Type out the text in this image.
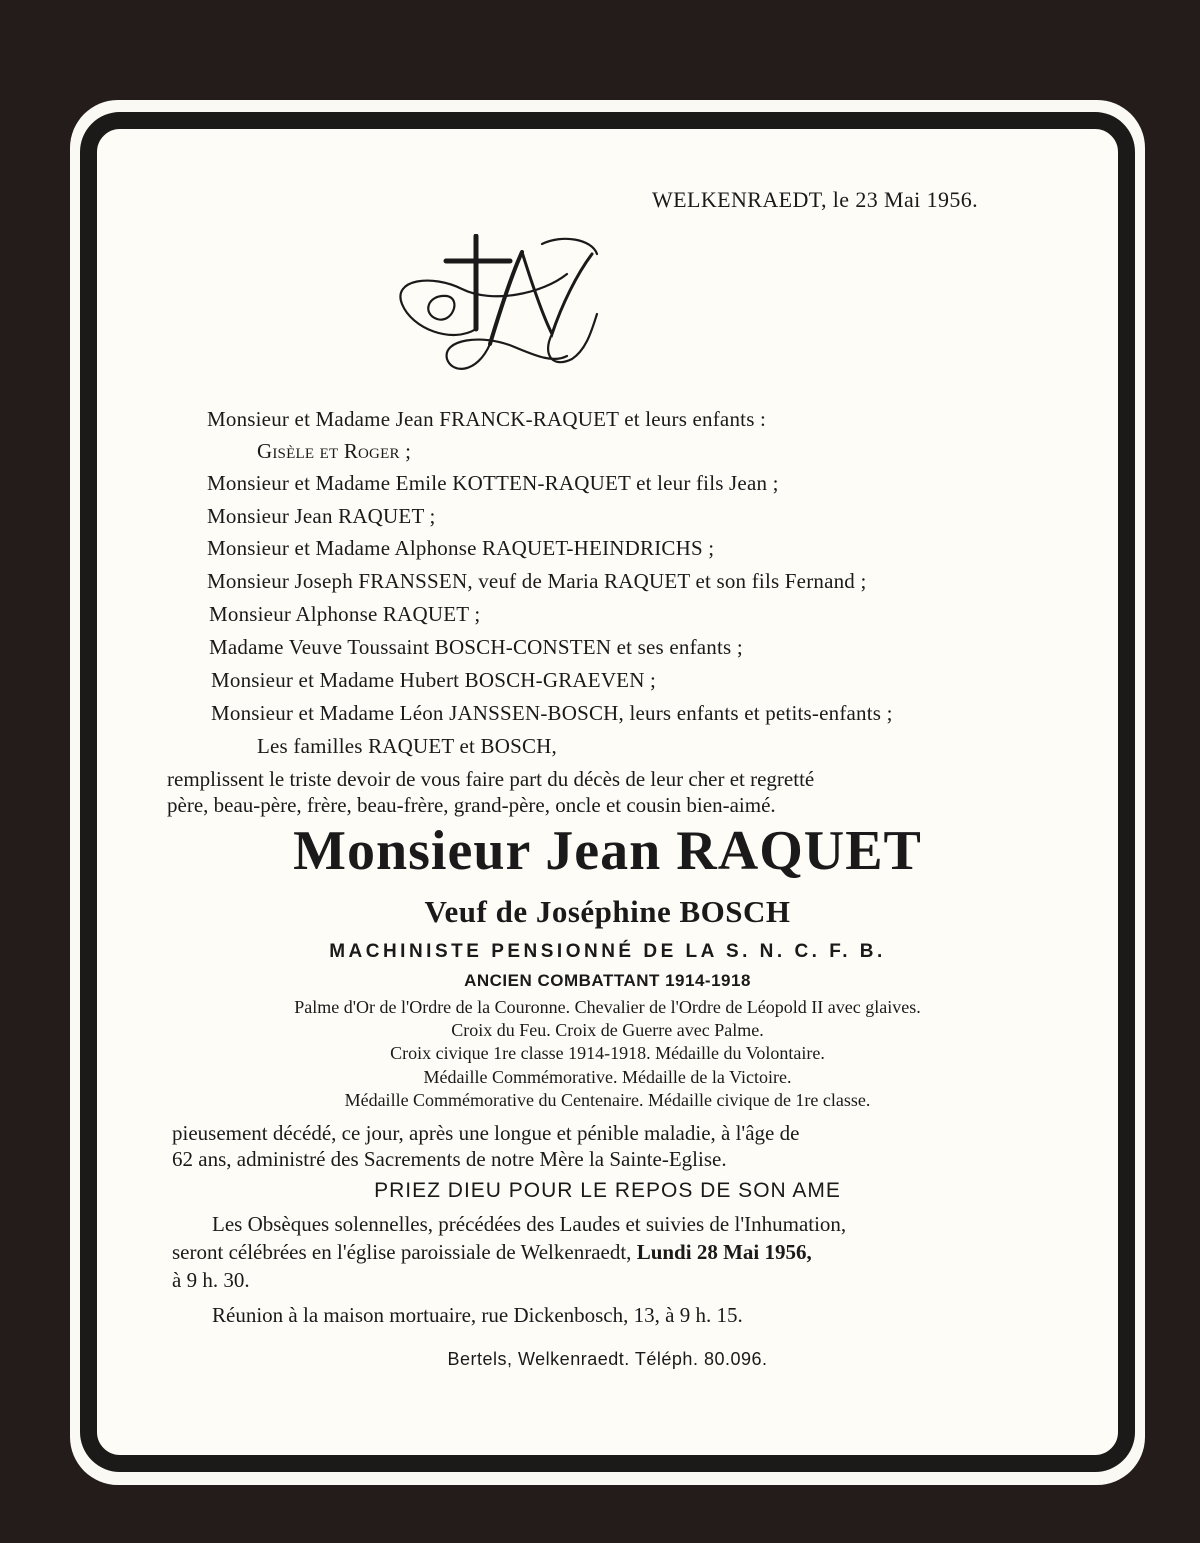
WELKENRAEDT, le 23 Mai 1956.
Monsieur et Madame Jean FRANCK-RAQUET et leurs enfants :
Gisèle et Roger ;
Monsieur et Madame Emile KOTTEN-RAQUET et leur fils Jean ;
Monsieur Jean RAQUET ;
Monsieur et Madame Alphonse RAQUET-HEINDRICHS ;
Monsieur Joseph FRANSSEN, veuf de Maria RAQUET et son fils Fernand ;
Monsieur Alphonse RAQUET ;
Madame Veuve Toussaint BOSCH-CONSTEN et ses enfants ;
Monsieur et Madame Hubert BOSCH-GRAEVEN ;
Monsieur et Madame Léon JANSSEN-BOSCH, leurs enfants et petits-enfants ;
Les familles RAQUET et BOSCH,
remplissent le triste devoir de vous faire part du décès de leur cher et regretté
père, beau-père, frère, beau-frère, grand-père, oncle et cousin bien-aimé.
Monsieur Jean RAQUET
Veuf de Joséphine BOSCH
MACHINISTE PENSIONNÉ DE LA S. N. C. F. B.
ANCIEN COMBATTANT 1914-1918
Palme d'Or de l'Ordre de la Couronne. Chevalier de l'Ordre de Léopold II avec glaives.
Croix du Feu. Croix de Guerre avec Palme.
Croix civique 1re classe 1914-1918. Médaille du Volontaire.
Médaille Commémorative. Médaille de la Victoire.
Médaille Commémorative du Centenaire. Médaille civique de 1re classe.
pieusement décédé, ce jour, après une longue et pénible maladie, à l'âge de
62 ans, administré des Sacrements de notre Mère la Sainte-Eglise.
PRIEZ DIEU POUR LE REPOS DE SON AME
Les Obsèques solennelles, précédées des Laudes et suivies de l'Inhumation,
seront célébrées en l'église paroissiale de Welkenraedt, Lundi 28 Mai 1956,
à 9 h. 30.
Réunion à la maison mortuaire, rue Dickenbosch, 13, à 9 h. 15.
Bertels, Welkenraedt. Téléph. 80.096.
